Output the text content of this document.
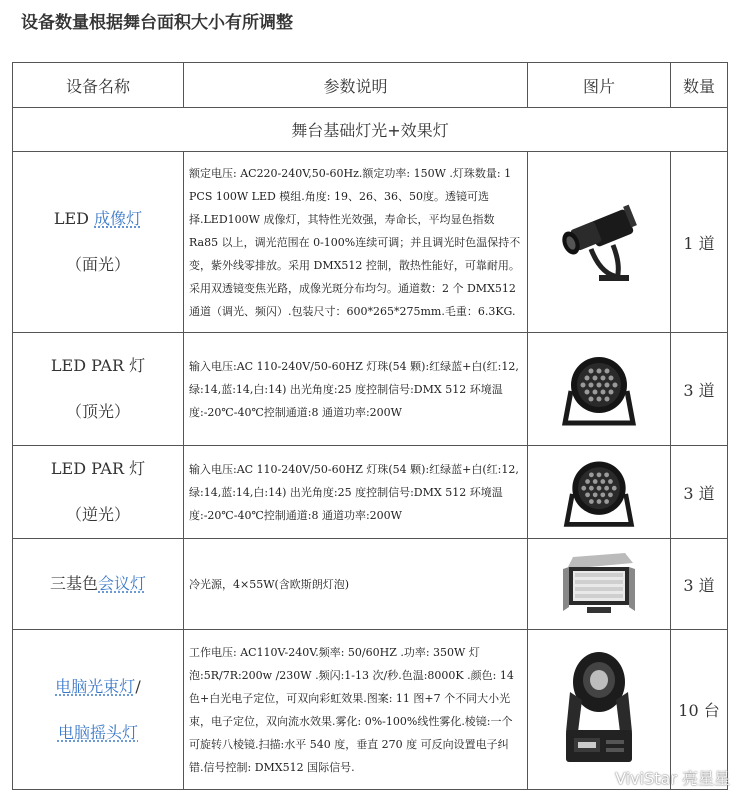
设备数量根据舞台面积大小有所调整
设备名称	参数说明	图片	数量
舞台基础灯光+效果灯			

LED 成像灯
（面光）	额定电压: AC220-240V,50-60Hz.额定功率: 150W .灯珠数量: 1 PCS 100W LED 模组.角度: 19、26、36、50度。透镜可选择.LED100W 成像灯，其特性光效强，寿命长，平均显色指数 Ra85 以上，调光范围在 0-100%连续可调；并且调光时色温保持不变，紫外线零排放。采用 DMX512 控制，散热性能好，可靠耐用。采用双透镜变焦光路，成像光斑分布均匀。通道数：2 个 DMX512 通道（调光、频闪）.包装尺寸：600*265*275mm.毛重：6.3KG.		1 道

LED PAR 灯
（顶光）	输入电压:AC 110-240V/50-60HZ 灯珠(54 颗):红绿蓝+白(红:12,绿:14,蓝:14,白:14) 出光角度:25 度控制信号:DMX 512 环境温度:-20℃-40℃控制通道:8 通道功率:200W		3 道

LED PAR 灯
（逆光）	输入电压:AC 110-240V/50-60HZ 灯珠(54 颗):红绿蓝+白(红:12,绿:14,蓝:14,白:14) 出光角度:25 度控制信号:DMX 512 环境温度:-20℃-40℃控制通道:8 通道功率:200W		3 道

三基色会议灯	冷光源，4×55W(含欧斯朗灯泡)		3 道

电脑光束灯/
电脑摇头灯	工作电压: AC110V-240V.频率: 50/60HZ .功率: 350W 灯泡:5R/7R:200w /230W .频闪:1-13 次/秒.色温:8000K .颜色: 14 色+白光电子定位，可双向彩虹效果.图案: 11 图+7 个不同大小光束，电子定位，双向流水效果.雾化: 0%-100%线性雾化.棱镜:一个可旋转八棱镜.扫描:水平 540 度，垂直 270 度 可反向设置电子纠错.信号控制: DMX512 国际信号.		10 台
ViviStar 亮星星
